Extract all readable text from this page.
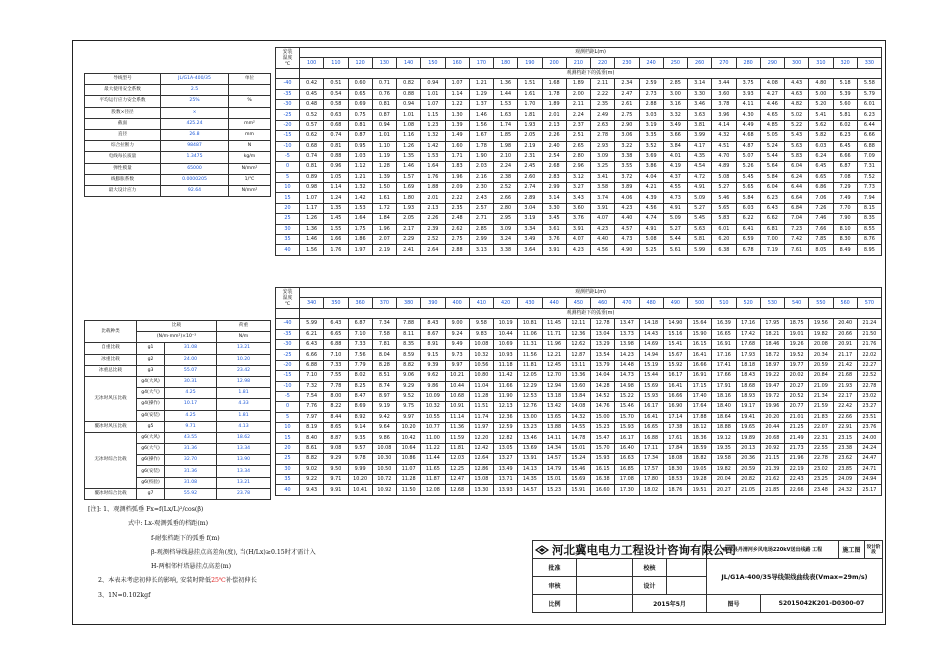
导线型号	JL/G1A-400/35	单位
最大使用安全系数	2.5	
平均运行应力安全系数	25%	%
股数×径径	×	
截面	425.24	mm²
直径	26.8	mm
综合拉断力	98487	N
电线每长质量	1.3475	kg/m
弹性模量	65000	N/mm²
线膨胀系数	0.0000205	1/℃
最大设计应力	92.64	N/mm²
比载种类	比载		荷重
	(N/m·mm²)×10⁻³		N/m
自重比载	g1	31.08	13.21
冰重比载	g2	24.00	10.20
冰重总比载	g3	55.07	23.42
无冰时风压比载	g4(大风)	30.31	12.98
	g4(大气)	4.25	1.81
	g4(操作)	10.17	4.33
	g4(安装)	4.25	1.81
覆冰时风压比载	g5	9.71	4.13
无冰时综合比载	g6(大风)	43.55	18.62
	g6(大气)	31.36	13.34
	g6(操作)	32.70	13.90
	g6(安装)	31.36	13.34
	g6(校验)	31.08	13.21
覆冰时综合比载	g7	55.92	23.78
安装
温度
℃	观测档距L(m)																							
	100	110	120	130	140	150	160	170	180	190	200	210	220	230	240	250	260	270	280	290	300	310	320	330
	观测档距下的弧垂(m)																							
-40	0.42	0.51	0.60	0.71	0.82	0.94	1.07	1.21	1.36	1.51	1.68	1.89	2.11	2.34	2.59	2.85	3.14	3.44	3.75	4.08	4.43	4.80	5.18	5.58
-35	0.45	0.54	0.65	0.76	0.88	1.01	1.14	1.29	1.44	1.61	1.78	2.00	2.22	2.47	2.73	3.00	3.30	3.60	3.93	4.27	4.63	5.00	5.39	5.79
-30	0.48	0.58	0.69	0.81	0.94	1.07	1.22	1.37	1.53	1.70	1.89	2.11	2.35	2.61	2.88	3.16	3.46	3.78	4.11	4.46	4.82	5.20	5.60	6.01
-25	0.52	0.63	0.75	0.87	1.01	1.15	1.30	1.46	1.63	1.81	2.01	2.24	2.49	2.75	3.03	3.32	3.63	3.96	4.30	4.65	5.02	5.41	5.81	6.23
-20	0.57	0.68	0.81	0.94	1.08	1.23	1.39	1.56	1.74	1.93	2.13	2.37	2.63	2.90	3.19	3.49	3.81	4.14	4.49	4.85	5.22	5.62	6.02	6.44
-15	0.62	0.74	0.87	1.01	1.16	1.32	1.49	1.67	1.85	2.05	2.26	2.51	2.78	3.06	3.35	3.66	3.99	4.32	4.68	5.05	5.43	5.82	6.23	6.66
-10	0.68	0.81	0.95	1.10	1.26	1.42	1.60	1.78	1.98	2.19	2.40	2.65	2.93	3.22	3.52	3.84	4.17	4.51	4.87	5.24	5.63	6.03	6.45	6.88
-5	0.74	0.88	1.03	1.19	1.35	1.53	1.71	1.90	2.10	2.31	2.54	2.80	3.09	3.38	3.69	4.01	4.35	4.70	5.07	5.44	5.83	6.24	6.66	7.09
0	0.81	0.96	1.12	1.28	1.46	1.64	1.83	2.03	2.24	2.45	2.68	2.96	3.25	3.55	3.86	4.19	4.54	4.89	5.26	5.64	6.04	6.45	6.87	7.31
5	0.89	1.05	1.21	1.39	1.57	1.76	1.96	2.16	2.38	2.60	2.83	3.12	3.41	3.72	4.04	4.37	4.72	5.08	5.45	5.84	6.24	6.65	7.08	7.52
10	0.98	1.14	1.32	1.50	1.69	1.88	2.09	2.30	2.52	2.74	2.99	3.27	3.58	3.89	4.21	4.55	4.91	5.27	5.65	6.04	6.44	6.86	7.29	7.73
15	1.07	1.24	1.42	1.61	1.80	2.01	2.22	2.43	2.66	2.89	3.14	3.43	3.74	4.06	4.39	4.73	5.09	5.46	5.84	6.23	6.64	7.06	7.49	7.94
20	1.17	1.35	1.53	1.72	1.93	2.13	2.35	2.57	2.80	3.04	3.30	3.60	3.91	4.23	4.56	4.91	5.27	5.65	6.03	6.43	6.84	7.26	7.70	8.15
25	1.26	1.45	1.64	1.84	2.05	2.26	2.48	2.71	2.95	3.19	3.45	3.76	4.07	4.40	4.74	5.09	5.45	5.83	6.22	6.62	7.04	7.46	7.90	8.35
30	1.36	1.55	1.75	1.96	2.17	2.39	2.62	2.85	3.09	3.34	3.61	3.91	4.23	4.57	4.91	5.27	5.63	6.01	6.41	6.81	7.23	7.66	8.10	8.55
35	1.46	1.66	1.86	2.07	2.29	2.52	2.75	2.99	3.24	3.49	3.76	4.07	4.40	4.73	5.08	5.44	5.81	6.20	6.59	7.00	7.42	7.85	8.30	8.76
40	1.56	1.76	1.97	2.19	2.41	2.64	2.88	3.13	3.38	3.64	3.91	4.23	4.56	4.90	5.25	5.61	5.99	6.38	6.78	7.19	7.61	8.05	8.49	8.95
安装
温度
℃	观测档距L(m)																							
	340	350	360	370	380	390	400	410	420	430	440	450	460	470	480	490	500	510	520	530	540	550	560	570
	观测档距下的弧垂(m)																							
-40	5.99	6.43	6.87	7.34	7.88	8.43	9.00	9.58	10.19	10.81	11.45	12.11	12.78	13.47	14.18	14.90	15.64	16.39	17.16	17.95	18.75	19.56	20.40	21.24
-35	6.21	6.65	7.10	7.58	8.11	8.67	9.24	9.83	10.44	11.06	11.71	12.36	13.04	13.73	14.43	15.16	15.90	16.65	17.42	18.21	19.01	19.82	20.66	21.50
-30	6.43	6.88	7.33	7.81	8.35	8.91	9.49	10.08	10.69	11.31	11.96	12.62	13.29	13.98	14.69	15.41	16.15	16.91	17.68	18.46	19.26	20.08	20.91	21.76
-25	6.66	7.10	7.56	8.04	8.59	9.15	9.73	10.32	10.93	11.56	12.21	12.87	13.54	14.23	14.94	15.67	16.41	17.16	17.93	18.72	19.52	20.34	21.17	22.02
-20	6.88	7.33	7.79	8.28	8.82	9.39	9.97	10.56	11.18	11.81	12.45	13.11	13.79	14.48	15.19	15.92	16.66	17.41	18.18	18.97	19.77	20.59	21.42	22.27
-15	7.10	7.55	8.02	8.51	9.06	9.62	10.21	10.80	11.42	12.05	12.70	13.36	14.04	14.73	15.44	16.17	16.91	17.66	18.43	19.22	20.02	20.84	21.68	22.52
-10	7.32	7.78	8.25	8.74	9.29	9.86	10.44	11.04	11.66	12.29	12.94	13.60	14.28	14.98	15.69	16.41	17.15	17.91	18.68	19.47	20.27	21.09	21.93	22.78
-5	7.54	8.00	8.47	8.97	9.52	10.09	10.68	11.28	11.90	12.53	13.18	13.84	14.52	15.22	15.93	16.66	17.40	18.16	18.93	19.72	20.52	21.34	22.17	23.02
0	7.76	8.22	8.69	9.19	9.75	10.32	10.91	11.51	12.13	12.76	13.42	14.08	14.76	15.46	16.17	16.90	17.64	18.40	19.17	19.96	20.77	21.59	22.42	23.27
5	7.97	8.44	8.92	9.42	9.97	10.55	11.14	11.74	12.36	13.00	13.65	14.32	15.00	15.70	16.41	17.14	17.88	18.64	19.41	20.20	21.01	21.83	22.66	23.51
10	8.19	8.65	9.14	9.64	10.20	10.77	11.36	11.97	12.59	13.23	13.88	14.55	15.23	15.93	16.65	17.38	18.12	18.88	19.65	20.44	21.25	22.07	22.91	23.76
15	8.40	8.87	9.35	9.86	10.42	11.00	11.59	12.20	12.82	13.46	14.11	14.78	15.47	16.17	16.88	17.61	18.36	19.12	19.89	20.68	21.49	22.31	23.15	24.00
20	8.61	9.08	9.57	10.08	10.64	11.22	11.81	12.42	13.05	13.69	14.34	15.01	15.70	16.40	17.11	17.84	18.59	19.35	20.13	20.92	21.73	22.55	23.38	24.24
25	8.82	9.29	9.78	10.30	10.86	11.44	12.03	12.64	13.27	13.91	14.57	15.24	15.93	16.63	17.34	18.08	18.82	19.58	20.36	21.15	21.96	22.78	23.62	24.47
30	9.02	9.50	9.99	10.50	11.07	11.65	12.25	12.86	13.49	14.13	14.79	15.46	16.15	16.85	17.57	18.30	19.05	19.82	20.59	21.39	22.19	23.02	23.85	24.71
35	9.22	9.71	10.20	10.72	11.28	11.87	12.47	13.08	13.71	14.35	15.01	15.69	16.38	17.08	17.80	18.53	19.28	20.04	20.82	21.62	22.43	23.25	24.09	24.94
40	9.43	9.91	10.41	10.92	11.50	12.08	12.68	13.30	13.93	14.57	15.23	15.91	16.60	17.30	18.02	18.76	19.51	20.27	21.05	21.85	22.66	23.48	24.32	25.17
[注]: 1、观测档弧垂 Fx=f(Lx/L)²/cos(β)
式中: Lx-观测弧垂的档距(m)
f-耐张档距下的弧垂 f(m)
β-观测档导线悬挂点高差角(度), 当(H/Lx)≥0.15时才需计入
H-两相邻杆塔悬挂点高差(m)
2、本表未考虑初伸长的影响, 安装时降低25℃补偿初伸长
3、1N=0.102kgf
河北冀电电力工程设计咨询有限公司				康保县丹清河乡风电场220kV送出线路 工程		施工图	设计阶段
批准		校核		JL/G1A-400/35导线架线曲线表(Vmax=29m/s)			
审核		设计					
比例		2015年5月		图号	S2015042K201-D0300-07		
